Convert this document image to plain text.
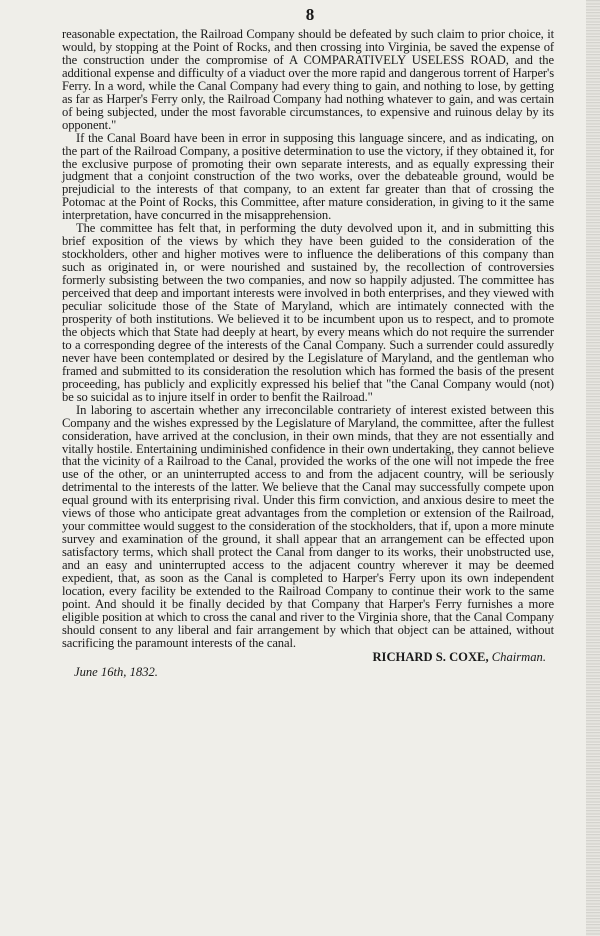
8

reasonable expectation, the Railroad Company should be defeated by such claim to prior choice, it would, by stopping at the Point of Rocks, and then crossing into Virginia, be saved the expense of the construction under the compromise of A COMPARATIVELY USELESS ROAD, and the additional expense and difficulty of a viaduct over the more rapid and dangerous torrent of Harper's Ferry. In a word, while the Canal Company had every thing to gain, and nothing to lose, by getting as far as Harper's Ferry only, the Railroad Company had nothing whatever to gain, and was certain of being subjected, under the most favorable circumstances, to expensive and ruinous delay by its opponent."

If the Canal Board have been in error in supposing this language sincere, and as indicating, on the part of the Railroad Company, a positive determination to use the victory, if they obtained it, for the exclusive purpose of promoting their own separate interests, and as equally expressing their judgment that a conjoint construction of the two works, over the debateable ground, would be prejudicial to the interests of that company, to an extent far greater than that of crossing the Potomac at the Point of Rocks, this Committee, after mature consideration, in giving to it the same interpretation, have concurred in the misapprehension.

The committee has felt that, in performing the duty devolved upon it, and in submitting this brief exposition of the views by which they have been guided to the consideration of the stockholders, other and higher motives were to influence the deliberations of this company than such as originated in, or were nourished and sustained by, the recollection of controversies formerly subsisting between the two companies, and now so happily adjusted. The committee has perceived that deep and important interests were involved in both enterprises, and they viewed with peculiar solicitude those of the State of Maryland, which are intimately connected with the prosperity of both institutions. We believed it to be incumbent upon us to respect, and to promote the objects which that State had deeply at heart, by every means which do not require the surrender to a corresponding degree of the interests of the Canal Company. Such a surrender could assuredly never have been contemplated or desired by the Legislature of Maryland, and the gentleman who framed and submitted to its consideration the resolution which has formed the basis of the present proceeding, has publicly and explicitly expressed his belief that "the Canal Company would (not) be so suicidal as to injure itself in order to benfit the Railroad."

In laboring to ascertain whether any irreconcilable contrariety of interest existed between this Company and the wishes expressed by the Legislature of Maryland, the committee, after the fullest consideration, have arrived at the conclusion, in their own minds, that they are not essentially and vitally hostile. Entertaining undiminished confidence in their own undertaking, they cannot believe that the vicinity of a Railroad to the Canal, provided the works of the one will not impede the free use of the other, or an uninterrupted access to and from the adjacent country, will be seriously detrimental to the interests of the latter. We believe that the Canal may successfully compete upon equal ground with its enterprising rival. Under this firm conviction, and anxious desire to meet the views of those who anticipate great advantages from the completion or extension of the Railroad, your committee would suggest to the consideration of the stockholders, that if, upon a more minute survey and examination of the ground, it shall appear that an arrangement can be effected upon satisfactory terms, which shall protect the Canal from danger to its works, their unobstructed use, and an easy and uninterrupted access to the adjacent country wherever it may be deemed expedient, that, as soon as the Canal is completed to Harper's Ferry upon its own independent location, every facility be extended to the Railroad Company to continue their work to the same point. And should it be finally decided by that Company that Harper's Ferry furnishes a more eligible position at which to cross the canal and river to the Virginia shore, that the Canal Company should consent to any liberal and fair arrangement by which that object can be attained, without sacrificing the paramount interests of the canal.

RICHARD S. COXE, Chairman.
June 16th, 1832.
